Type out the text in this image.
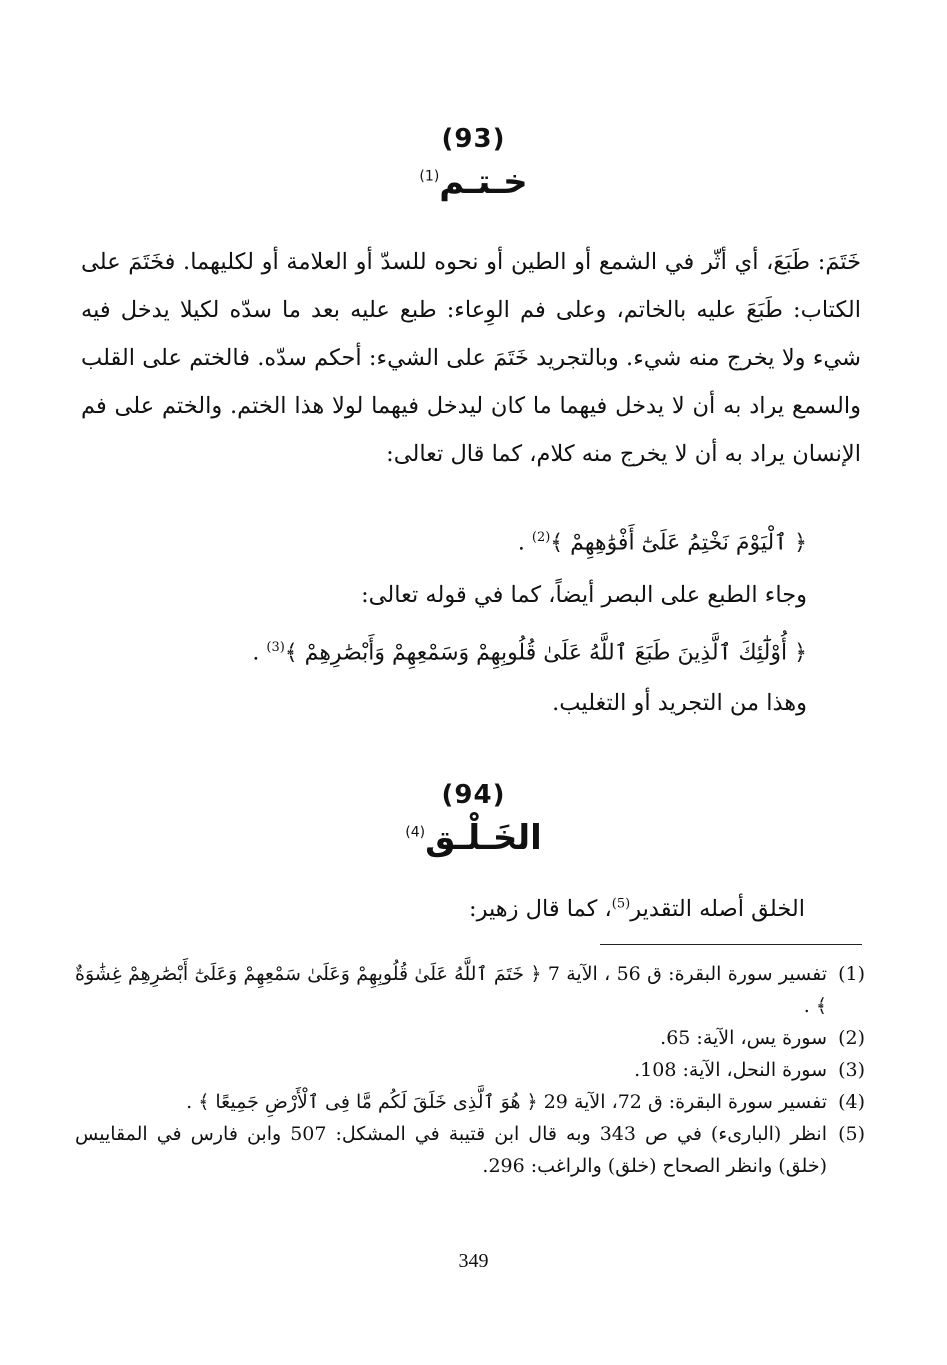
(93)
خـتـم$^{(1)}$

خَتَمَ: طَبَعَ، أي أثّر في الشمع أو الطين أو نحوه للسدّ أو العلامة أو لكليهما. فخَتَمَ على الكتاب: طَبَعَ عليه بالخاتم، وعلى فم الوِعاء: طبع عليه بعد ما سدّه لكيلا يدخل فيه شيء ولا يخرج منه شيء. وبالتجريد خَتَمَ على الشيء: أحكم سدّه. فالختم على القلب والسمع يراد به أن لا يدخل فيهما ما كان ليدخل فيهما لولا هذا الختم. والختم على فم الإنسان يراد به أن لا يخرج منه كلام، كما قال تعالى:

﴿ ٱلْيَوْمَ نَخْتِمُ عَلَىٰٓ أَفْوَٰهِهِمْ ﴾$^{(2)}$ .
وجاء الطبع على البصر أيضاً، كما في قوله تعالى:
﴿ أُوْلَٰٓئِكَ ٱلَّذِينَ طَبَعَ ٱللَّهُ عَلَىٰ قُلُوبِهِمْ وَسَمْعِهِمْ وَأَبْصَٰرِهِمْ ﴾$^{(3)}$ .
وهذا من التجريد أو التغليب.
(94)
الخَـلْـق$^{(4)}$
الخلق أصله التقدير$^{(5)}$، كما قال زهير:
(1)
تفسير سورة البقرة: ق 56 ، الآية 7 ﴿ خَتَمَ ٱللَّهُ عَلَىٰ قُلُوبِهِمْ وَعَلَىٰ سَمْعِهِمْ وَعَلَىٰٓ أَبْصَٰرِهِمْ غِشَٰوَةٌ ﴾ .
(2)
سورة يس، الآية: 65.
(3)
سورة النحل، الآية: 108.
(4)
تفسير سورة البقرة: ق 72، الآية 29 ﴿ هُوَ ٱلَّذِى خَلَقَ لَكُم مَّا فِى ٱلْأَرْضِ جَمِيعًا ﴾ .
(5)
انظر (البارىء) في ص 343 وبه قال ابن قتيبة في المشكل: 507 وابن فارس في المقاييس (خلق) وانظر الصحاح (خلق) والراغب: 296.
349
